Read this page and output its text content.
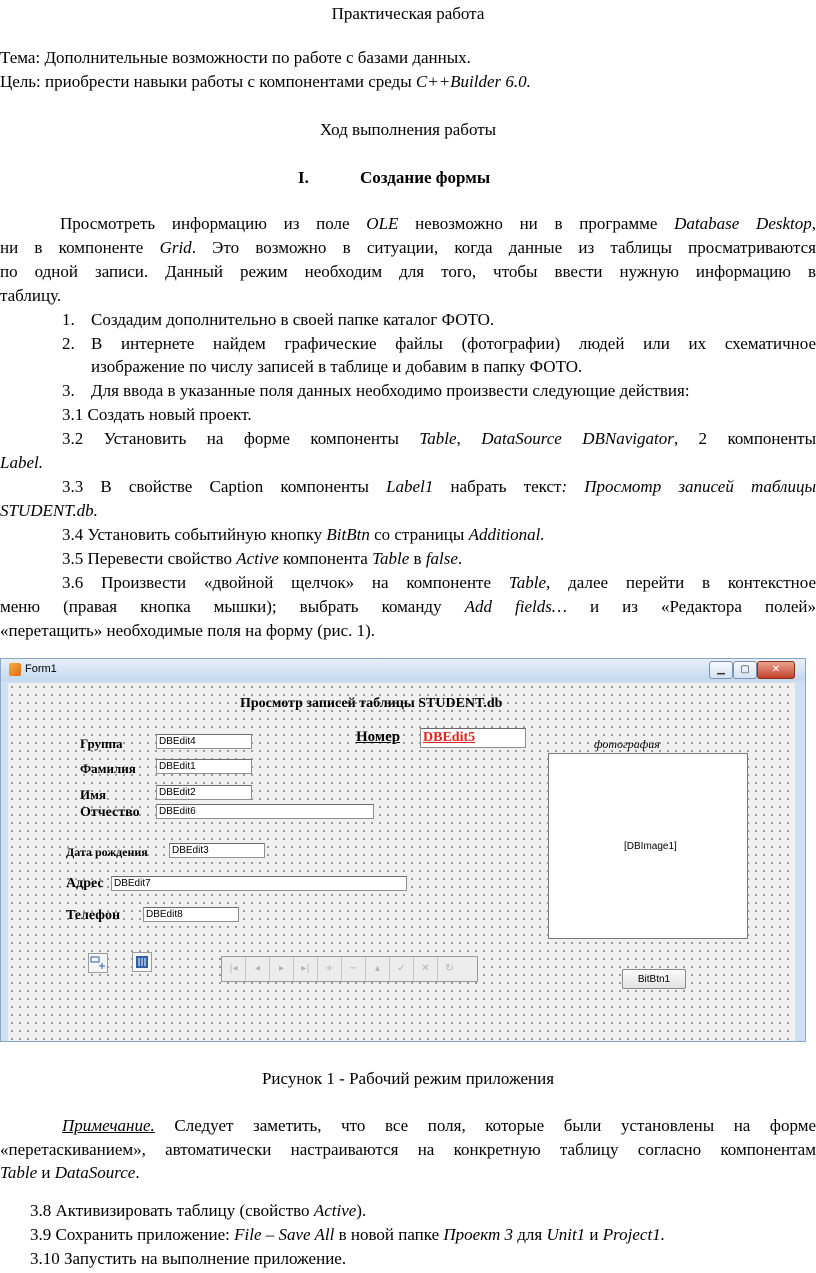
Практическая работа
Тема: Дополнительные возможности по работе с базами данных.
Цель: приобрести навыки работы с компонентами среды C++Builder 6.0.
Ход выполнения работы
I.	Создание формы
Просмотреть информацию из поле OLE невозможно ни в программе Database Desktop,
ни в компоненте Grid. Это возможно в ситуации, когда данные из таблицы просматриваются
по одной записи. Данный режим необходим для того, чтобы ввести нужную информацию в
таблицу.
1. Создадим дополнительно в своей папке каталог ФОТО.
2. В интернете найдем графические файлы (фотографии) людей или их схематичное
изображение по числу записей в таблице и добавим в папку ФОТО.
3. Для ввода в указанные поля данных необходимо произвести следующие действия:
3.1 Создать новый проект.
3.2 Установить на форме компоненты Table, DataSource DBNavigator, 2 компоненты
Label.
3.3 В свойстве Caption компоненты Label1 набрать текст: Просмотр записей таблицы
STUDENT.db.
3.4 Установить событийную кнопку BitBtn со страницы Additional.
3.5 Перевести свойство Active компонента Table в false.
3.6 Произвести «двойной щелчок» на компоненте Table, далее перейти в контекстное
меню (правая кнопка мышки); выбрать команду Add fields… и из «Редактора полей»
«перетащить» необходимые поля на форму (рис. 1).
Form1	▁	▢	✕
Просмотр записей таблицы STUDENT.db
Группа	DBEdit4
Фамилия	DBEdit1
Имя	DBEdit2
Отчество	DBEdit6
Дата рождения	DBEdit3
Адрес	DBEdit7
Телефон	DBEdit8
Номер DBEdit5	фотография
[DBImage1]
|◂	◂	▸	▸|	+	−	▴	✓	✕	↻
BitBtn1
Рисунок 1 - Рабочий режим приложения
Примечание. Следует заметить, что все поля, которые были установлены на форме
«перетаскиванием», автоматически настраиваются на конкретную таблицу согласно компонентам
Table и DataSource.
3.8 Активизировать таблицу (свойство Active).
3.9 Сохранить приложение: File – Save All в новой папке Проект 3 для Unit1 и Project1.
3.10 Запустить на выполнение приложение.
